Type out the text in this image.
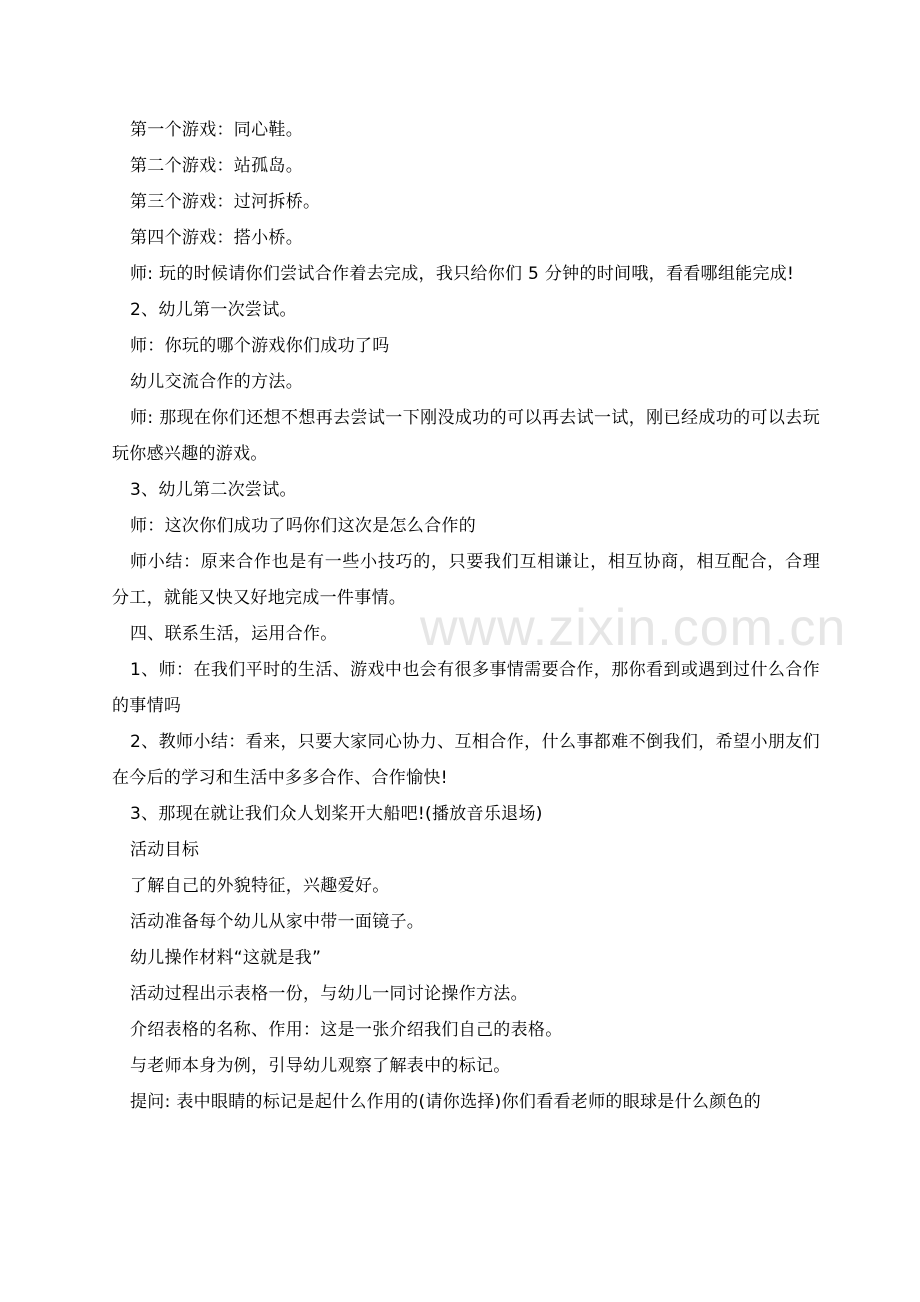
www.zixin.com.cn

第一个游戏：同心鞋。

第二个游戏：站孤岛。

第三个游戏：过河拆桥。

第四个游戏：搭小桥。

师: 玩的时候请你们尝试合作着去完成，我只给你们 5 分钟的时间哦，看看哪组能完成!

2、幼儿第一次尝试。

师：你玩的哪个游戏你们成功了吗

幼儿交流合作的方法。

师: 那现在你们还想不想再去尝试一下刚没成功的可以再去试一试，刚已经成功的可以去玩玩你感兴趣的游戏。

3、幼儿第二次尝试。

师：这次你们成功了吗你们这次是怎么合作的

师小结：原来合作也是有一些小技巧的，只要我们互相谦让，相互协商，相互配合，合理分工，就能又快又好地完成一件事情。

四、联系生活，运用合作。

1、师：在我们平时的生活、游戏中也会有很多事情需要合作，那你看到或遇到过什么合作的事情吗

2、教师小结：看来，只要大家同心协力、互相合作，什么事都难不倒我们，希望小朋友们在今后的学习和生活中多多合作、合作愉快!

3、那现在就让我们众人划桨开大船吧!(播放音乐退场)

活动目标

了解自己的外貌特征，兴趣爱好。

活动准备每个幼儿从家中带一面镜子。

幼儿操作材料“这就是我”

活动过程出示表格一份，与幼儿一同讨论操作方法。

介绍表格的名称、作用：这是一张介绍我们自己的表格。

与老师本身为例，引导幼儿观察了解表中的标记。

提问: 表中眼睛的标记是起什么作用的(请你选择)你们看看老师的眼球是什么颜色的
